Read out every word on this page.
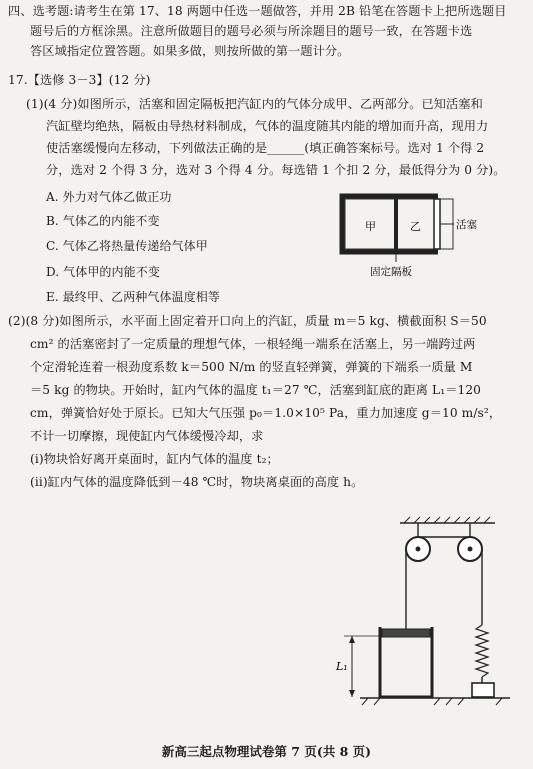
四、选考题:请考生在第 17、18 两题中任选一题做答，并用 2B 铅笔在答题卡上把所选题目
题号后的方框涂黑。注意所做题目的题号必须与所涂题目的题号一致，在答题卡选
答区域指定位置答题。如果多做，则按所做的第一题计分。
17.【选修 3－3】(12 分)
(1)(4 分)如图所示，活塞和固定隔板把汽缸内的气体分成甲、乙两部分。已知活塞和
汽缸壁均绝热，隔板由导热材料制成，气体的温度随其内能的增加而升高，现用力
使活塞缓慢向左移动，下列做法正确的是______(填正确答案标号。选对 1 个得 2
分，选对 2 个得 3 分，选对 3 个得 4 分。每选错 1 个扣 2 分，最低得分为 0 分)。
A. 外力对气体乙做正功
B. 气体乙的内能不变
C. 气体乙将热量传递给气体甲
D. 气体甲的内能不变
E. 最终甲、乙两种气体温度相等
甲	乙	活塞
固定隔板
(2)(8 分)如图所示，水平面上固定着开口向上的汽缸，质量 m＝5 kg、横截面积 S＝50
cm² 的活塞密封了一定质量的理想气体，一根轻绳一端系在活塞上，另一端跨过两
个定滑轮连着一根劲度系数 k＝500 N/m 的竖直轻弹簧，弹簧的下端系一质量 M
＝5 kg 的物块。开始时，缸内气体的温度 t₁＝27 ℃，活塞到缸底的距离 L₁＝120
cm，弹簧恰好处于原长。已知大气压强 p₀＝1.0×10⁵ Pa，重力加速度 g＝10 m/s²，
不计一切摩擦，现使缸内气体缓慢冷却，求
(i)物块恰好离开桌面时，缸内气体的温度 t₂；
(ii)缸内气体的温度降低到－48 ℃时，物块离桌面的高度 h。
L₁
新高三起点物理试卷第 7 页(共 8 页)
